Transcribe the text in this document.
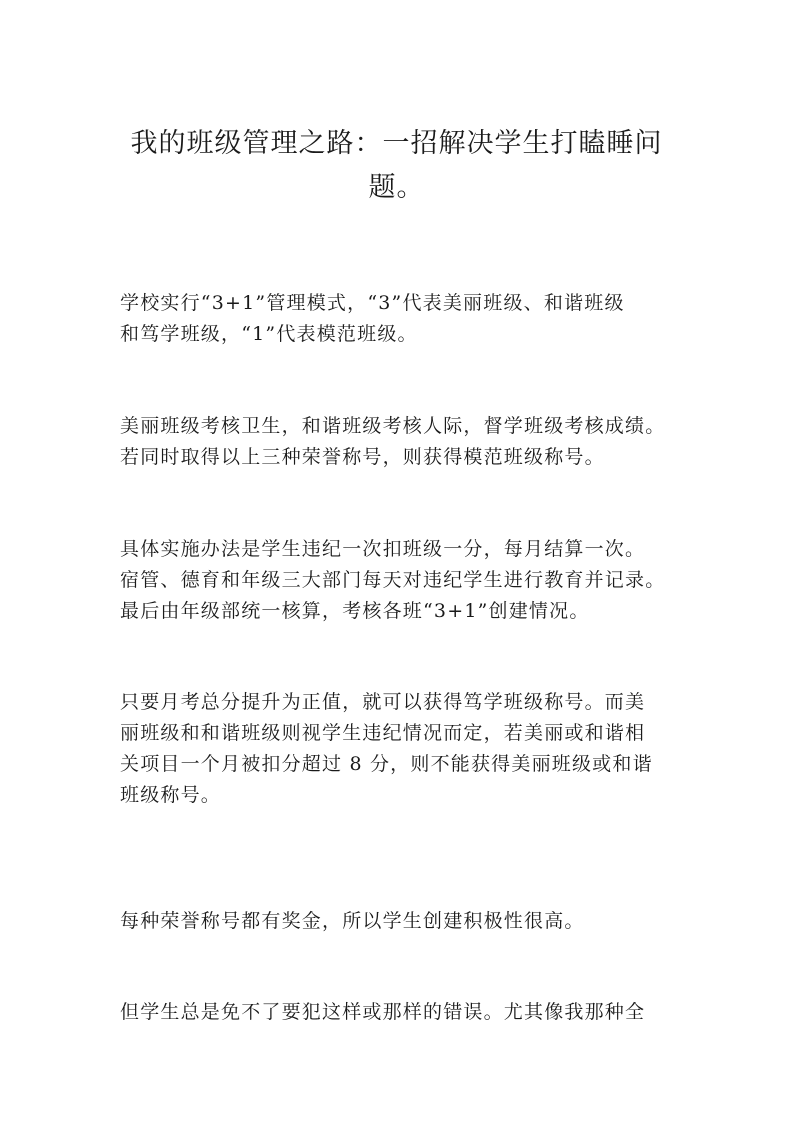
我的班级管理之路：一招解决学生打瞌睡问
题。

学校实行“3+1”管理模式，“3”代表美丽班级、和谐班级
和笃学班级，“1”代表模范班级。

美丽班级考核卫生，和谐班级考核人际，督学班级考核成绩。
若同时取得以上三种荣誉称号，则获得模范班级称号。

具体实施办法是学生违纪一次扣班级一分，每月结算一次。
宿管、德育和年级三大部门每天对违纪学生进行教育并记录。
最后由年级部统一核算，考核各班“3+1”创建情况。

只要月考总分提升为正值，就可以获得笃学班级称号。而美
丽班级和和谐班级则视学生违纪情况而定，若美丽或和谐相
关项目一个月被扣分超过 8 分，则不能获得美丽班级或和谐
班级称号。

每种荣誉称号都有奖金，所以学生创建积极性很高。

但学生总是免不了要犯这样或那样的错误。尤其像我那种全
